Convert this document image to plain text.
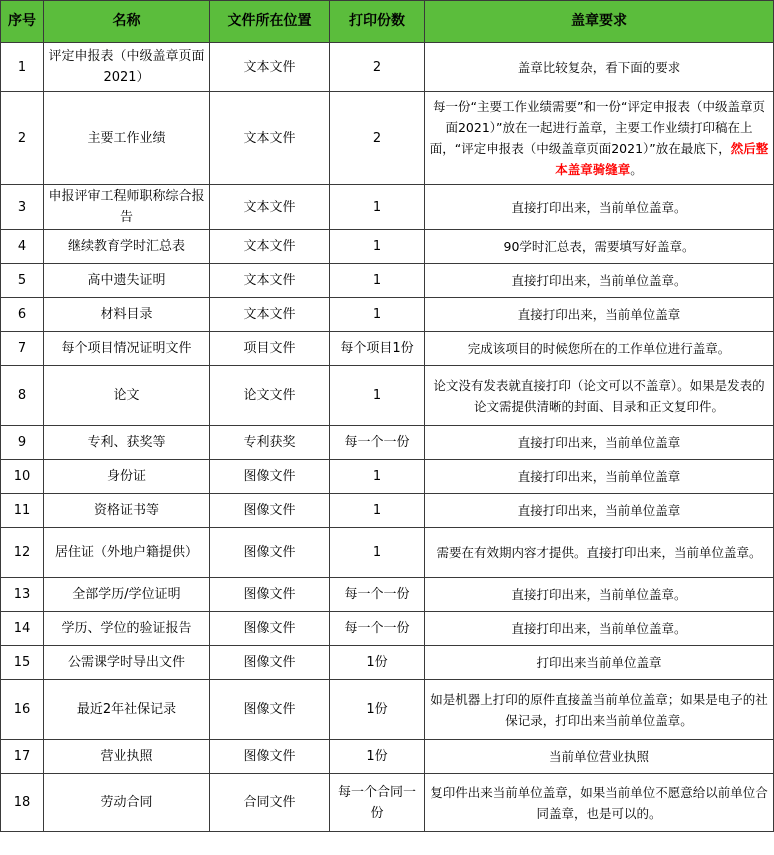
序号	名称	文件所在位置	打印份数	盖章要求
1	评定申报表（中级盖章页面2021）	文本文件	2	盖章比较复杂，看下面的要求
2	主要工作业绩	文本文件	2	每一份“主要工作业绩需要”和一份“评定申报表（中级盖章页面2021）”放在一起进行盖章，主要工作业绩打印稿在上面，“评定申报表（中级盖章页面2021）”放在最底下，然后整本盖章骑缝章。
3	申报评审工程师职称综合报告	文本文件	1	直接打印出来，当前单位盖章。
4	继续教育学时汇总表	文本文件	1	90学时汇总表，需要填写好盖章。
5	高中遗失证明	文本文件	1	直接打印出来，当前单位盖章。
6	材料目录	文本文件	1	直接打印出来，当前单位盖章
7	每个项目情况证明文件	项目文件	每个项目1份	完成该项目的时候您所在的工作单位进行盖章。
8	论文	论文文件	1	论文没有发表就直接打印（论文可以不盖章）。如果是发表的论文需提供清晰的封面、目录和正文复印件。
9	专利、获奖等	专利获奖	每一个一份	直接打印出来，当前单位盖章
10	身份证	图像文件	1	直接打印出来，当前单位盖章
11	资格证书等	图像文件	1	直接打印出来，当前单位盖章
12	居住证（外地户籍提供）	图像文件	1	需要在有效期内容才提供。直接打印出来，当前单位盖章。
13	全部学历/学位证明	图像文件	每一个一份	直接打印出来，当前单位盖章。
14	学历、学位的验证报告	图像文件	每一个一份	直接打印出来，当前单位盖章。
15	公需课学时导出文件	图像文件	1份	打印出来当前单位盖章
16	最近2年社保记录	图像文件	1份	如是机器上打印的原件直接盖当前单位盖章；如果是电子的社保记录，打印出来当前单位盖章。
17	营业执照	图像文件	1份	当前单位营业执照
18	劳动合同	合同文件	每一个合同一份	复印件出来当前单位盖章，如果当前单位不愿意给以前单位合同盖章，也是可以的。
